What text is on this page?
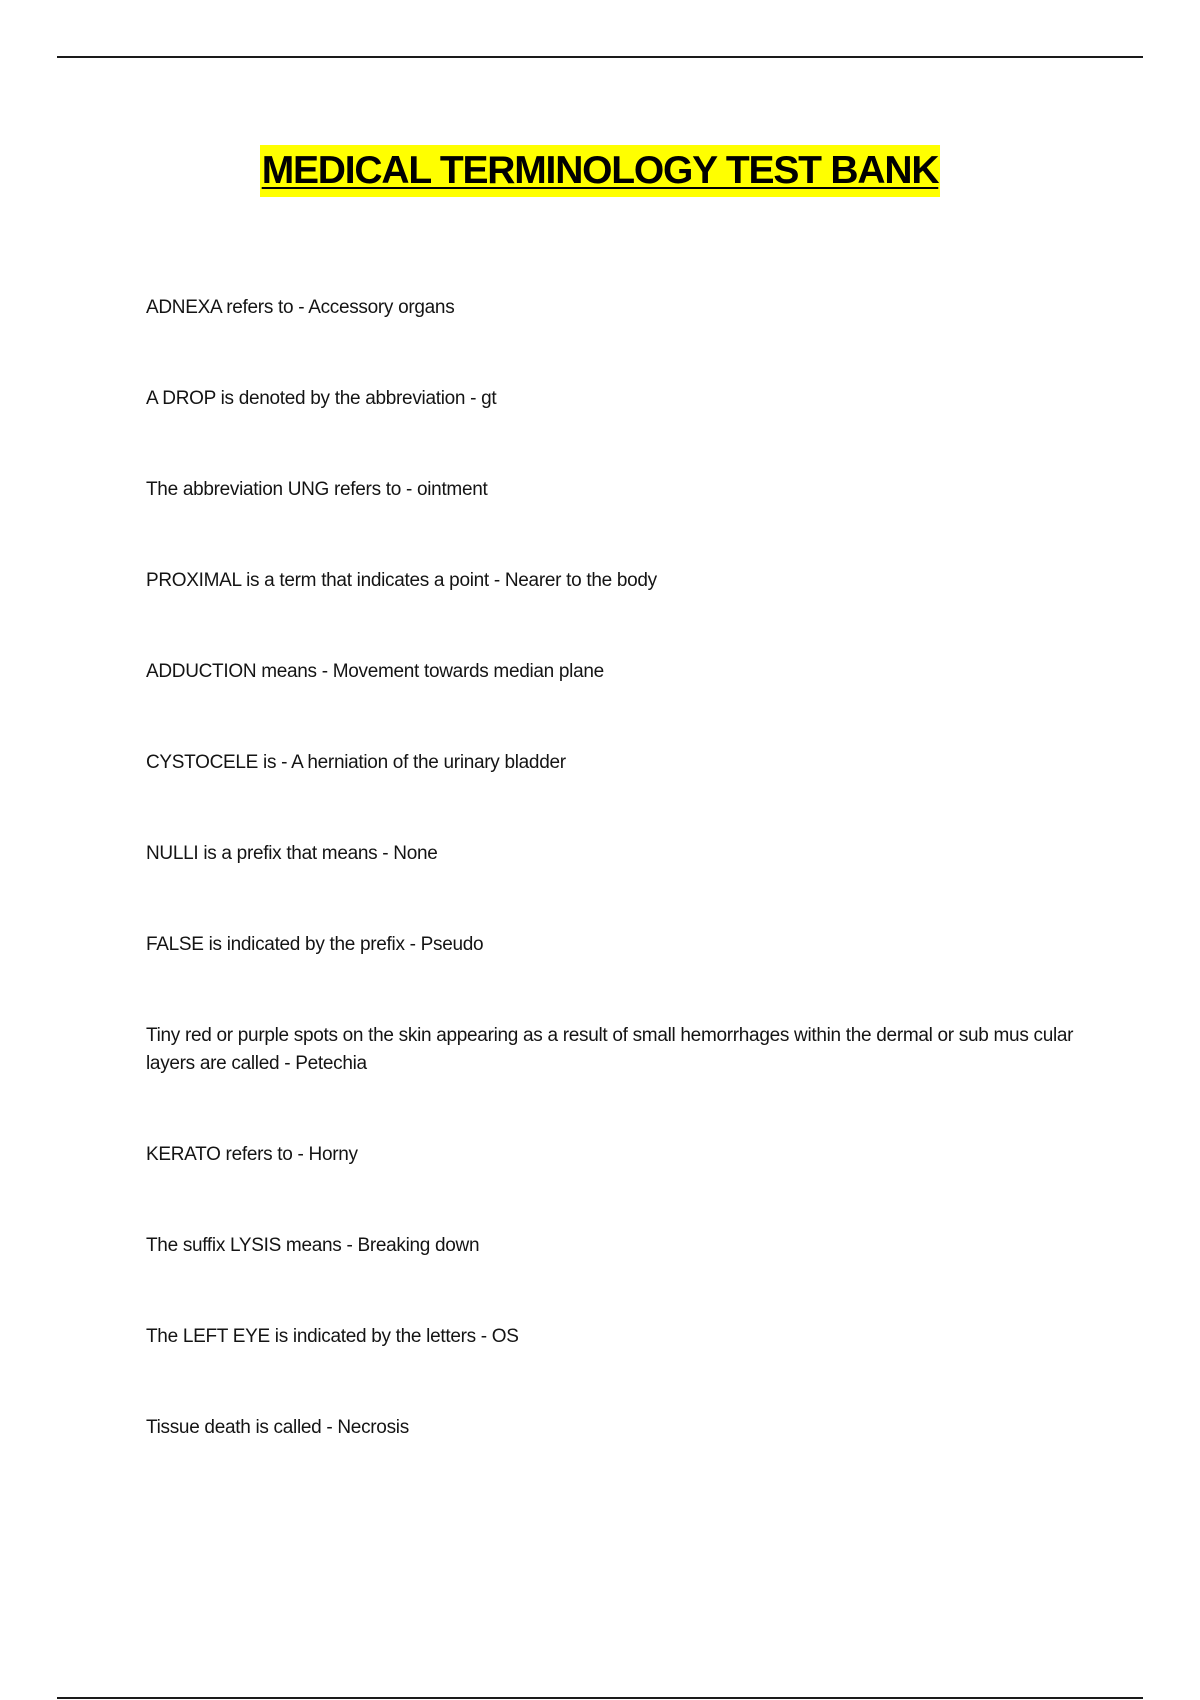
MEDICAL TERMINOLOGY TEST BANK
ADNEXA refers to - Accessory organs
A DROP is denoted by the abbreviation - gt
The abbreviation UNG refers to - ointment
PROXIMAL is a term that indicates a point - Nearer to the body
ADDUCTION means - Movement towards median plane
CYSTOCELE is - A herniation of the urinary bladder
NULLI is a prefix that means - None
FALSE is indicated by the prefix - Pseudo
Tiny red or purple spots on the skin appearing as a result of small hemorrhages within the dermal or sub mus cular layers are called - Petechia
KERATO refers to - Horny
The suffix LYSIS means - Breaking down
The LEFT EYE is indicated by the letters - OS
Tissue death is called - Necrosis
